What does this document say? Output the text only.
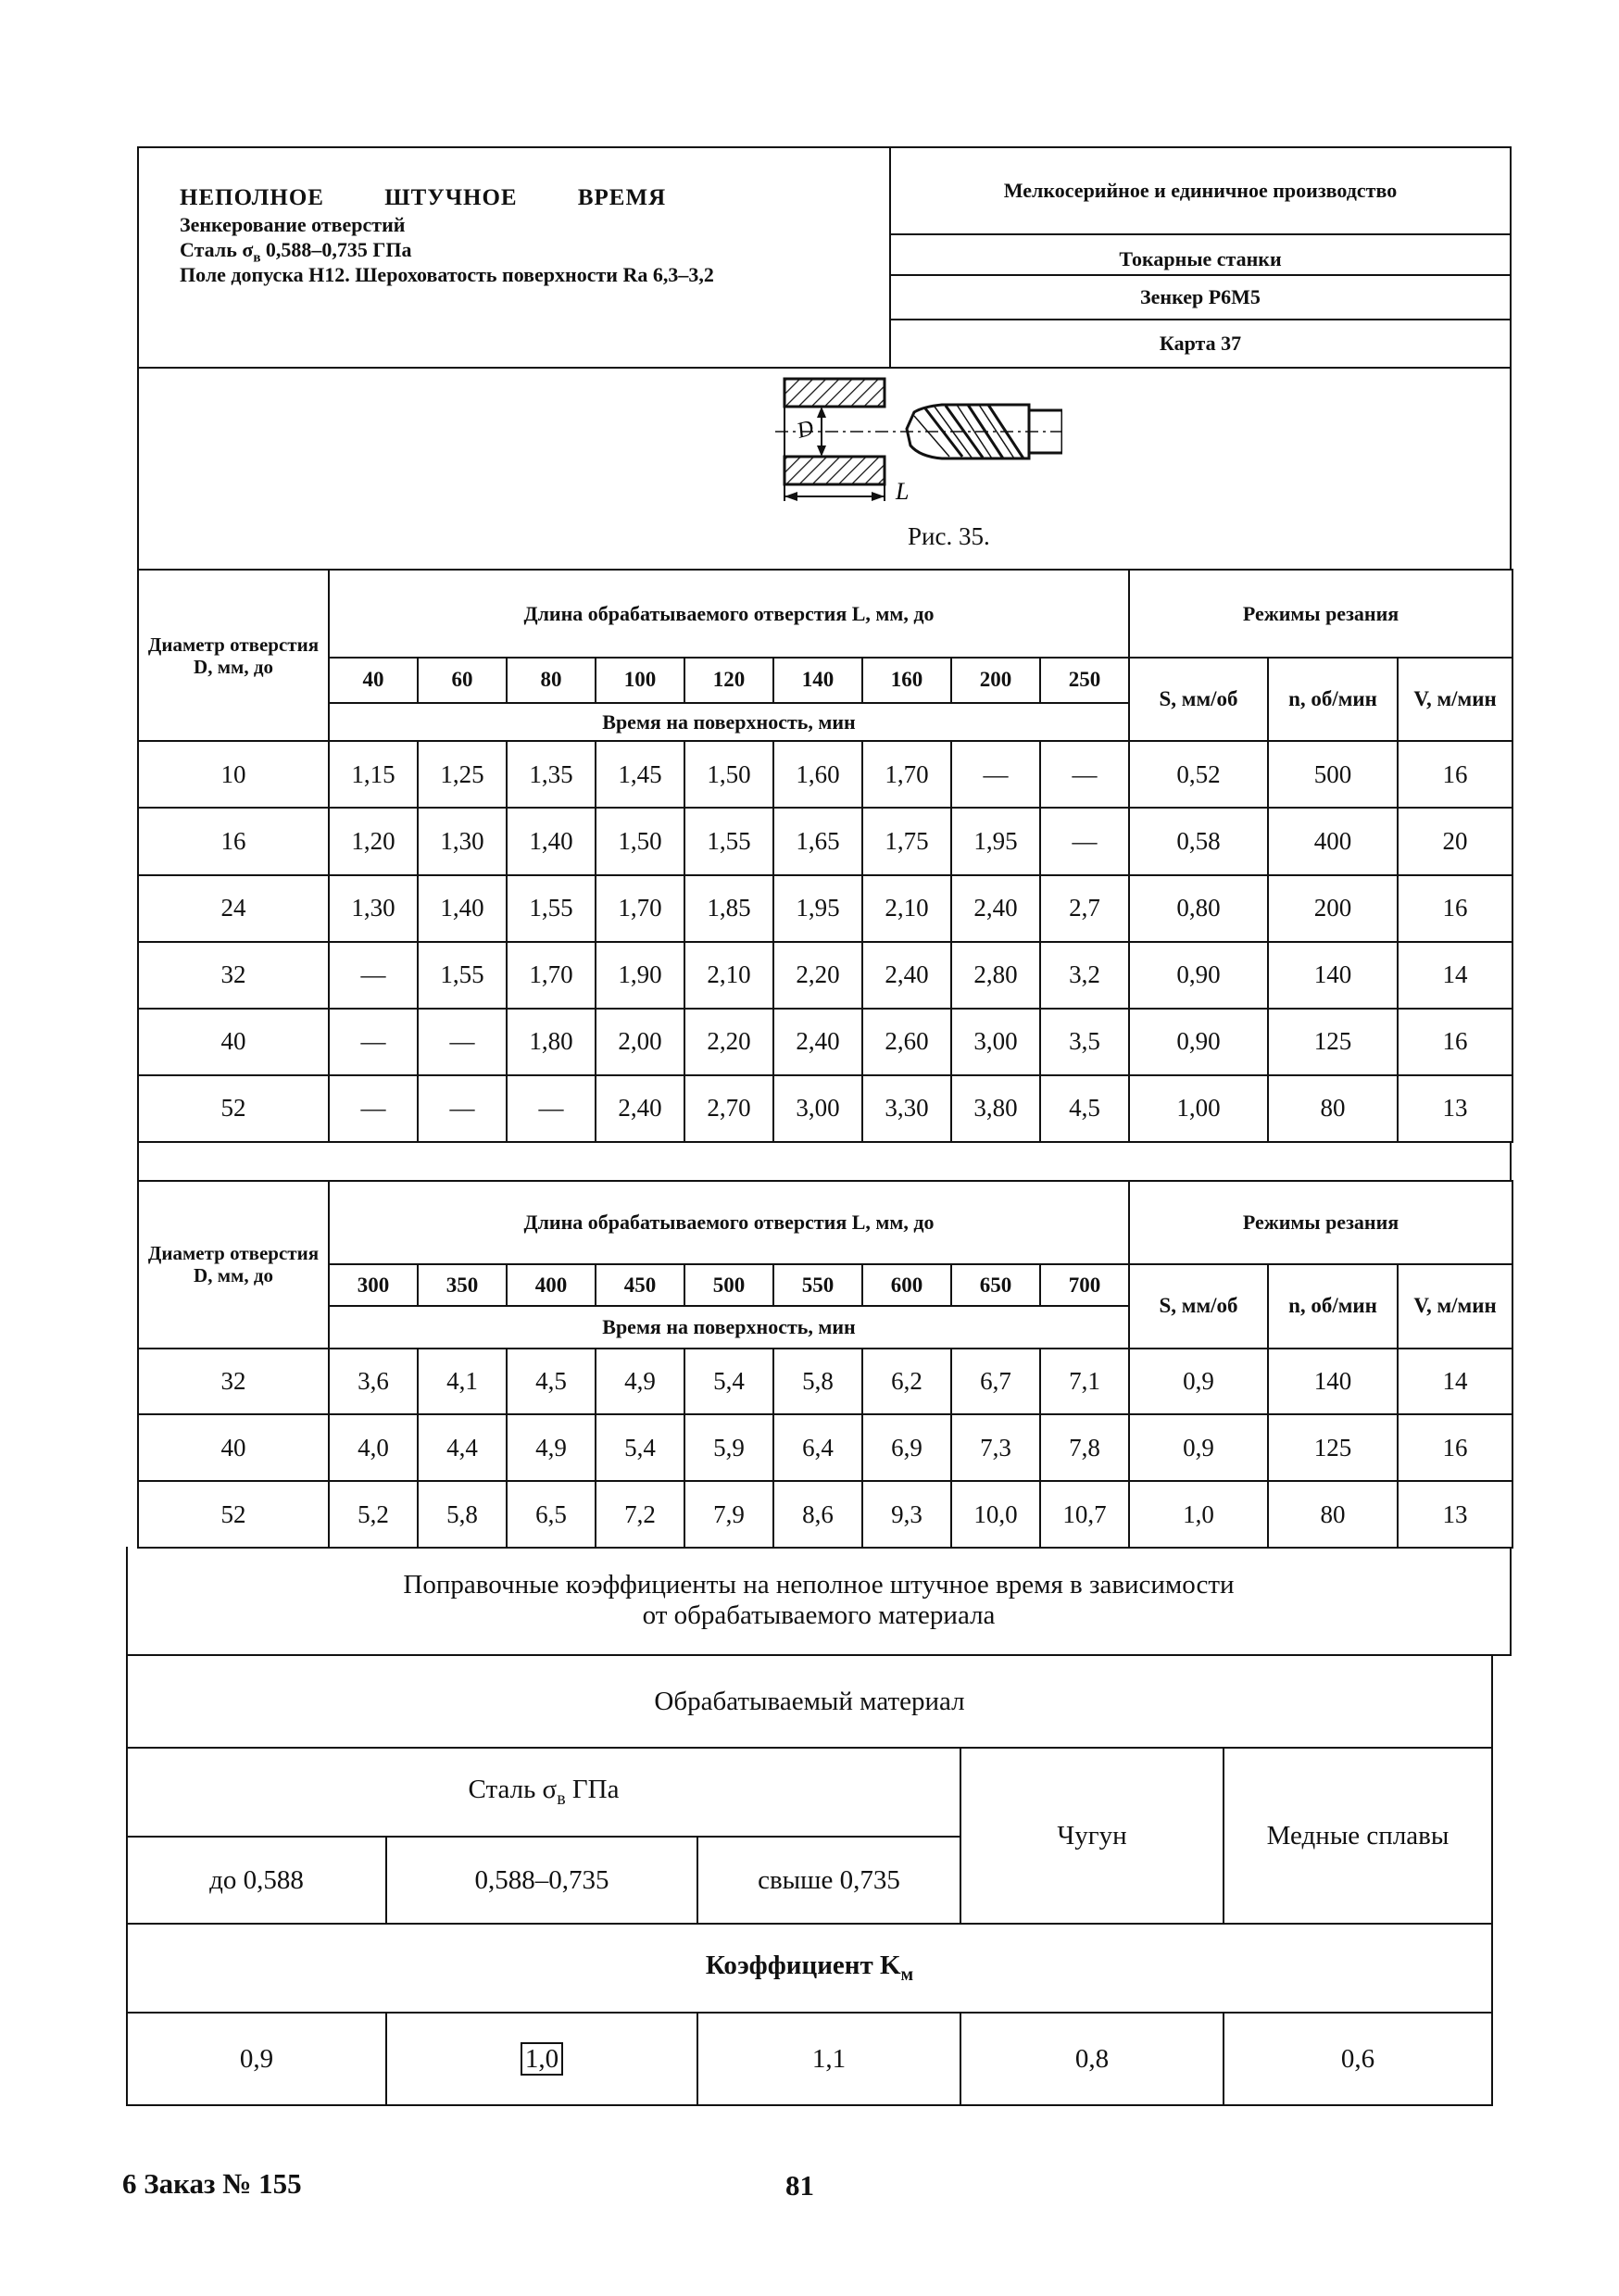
НЕПОЛНОЕ	ШТУЧНОЕ	ВРЕМЯ
Зенкерование отверстий
Сталь $\sigma_в$ 0,588–0,735 ГПа
Поле допуска H12. Шероховатость поверхности Ra 6,3–3,2
Мелкосерийное и единичное производство
Токарные станки
Зенкер Р6М5
Карта 37
D
L
Рис. 35.
Диаметр отверстия D, мм, до	Длина обрабатываемого отверстия L, мм, до									Режимы резания		
	40	60	80	100	120	140	160	200	250	S, мм/об	n, об/мин	V, м/мин
	Время на поверхность, мин											
10	1,15	1,25	1,35	1,45	1,50	1,60	1,70	—	—	0,52	500	16
16	1,20	1,30	1,40	1,50	1,55	1,65	1,75	1,95	—	0,58	400	20
24	1,30	1,40	1,55	1,70	1,85	1,95	2,10	2,40	2,7	0,80	200	16
32	—	1,55	1,70	1,90	2,10	2,20	2,40	2,80	3,2	0,90	140	14
40	—	—	1,80	2,00	2,20	2,40	2,60	3,00	3,5	0,90	125	16
52	—	—	—	2,40	2,70	3,00	3,30	3,80	4,5	1,00	80	13
Диаметр отверстия D, мм, до	Длина обрабатываемого отверстия L, мм, до									Режимы резания		
	300	350	400	450	500	550	600	650	700	S, мм/об	n, об/мин	V, м/мин
	Время на поверхность, мин											
32	3,6	4,1	4,5	4,9	5,4	5,8	6,2	6,7	7,1	0,9	140	14
40	4,0	4,4	4,9	5,4	5,9	6,4	6,9	7,3	7,8	0,9	125	16
52	5,2	5,8	6,5	7,2	7,9	8,6	9,3	10,0	10,7	1,0	80	13
Поправочные коэффициенты на неполное штучное время в зависимости
от обрабатываемого материала
Обрабатываемый материал				
Сталь $\sigma_в$ ГПа			Чугун	Медные сплавы
до 0,588	0,588–0,735	свыше 0,735		
Коэффициент $K_м$
0,9	1,0	1,1	0,8	0,6
6 Заказ № 155	81
